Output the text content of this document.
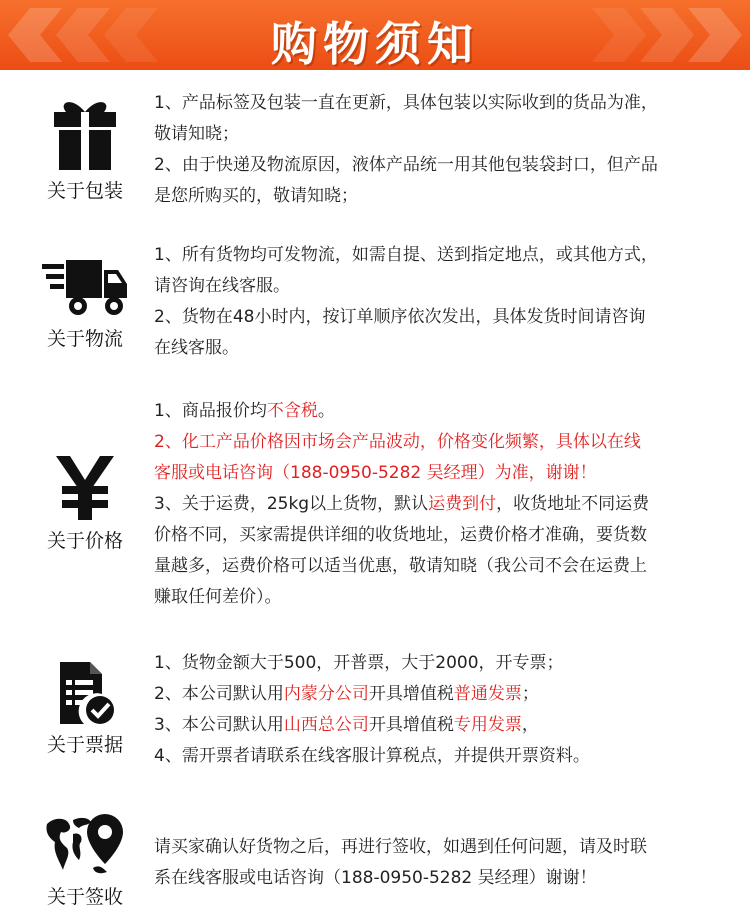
购物须知
关于包装

1、产品标签及包装一直在更新，具体包装以实际收到的货品为准，

敬请知晓；

2、由于快递及物流原因，液体产品统一用其他包装袋封口，但产品

是您所购买的，敬请知晓；

关于物流

1、所有货物均可发物流，如需自提、送到指定地点，或其他方式，

请咨询在线客服。

2、货物在48小时内，按订单顺序依次发出，具体发货时间请咨询

在线客服。

关于价格

1、商品报价均不含税。

2、化工产品价格因市场会产品波动，价格变化频繁，具体以在线

客服或电话咨询（188-0950-5282 吴经理）为准，谢谢！

3、关于运费，25kg以上货物，默认运费到付，收货地址不同运费

价格不同，买家需提供详细的收货地址，运费价格才准确，要货数

量越多，运费价格可以适当优惠，敬请知晓（我公司不会在运费上

赚取任何差价）。

关于票据

1、货物金额大于500，开普票，大于2000，开专票；

2、本公司默认用内蒙分公司开具增值税普通发票；

3、本公司默认用山西总公司开具增值税专用发票，

4、需开票者请联系在线客服计算税点，并提供开票资料。

关于签收

请买家确认好货物之后，再进行签收，如遇到任何问题，请及时联

系在线客服或电话咨询（188-0950-5282 吴经理）谢谢！
